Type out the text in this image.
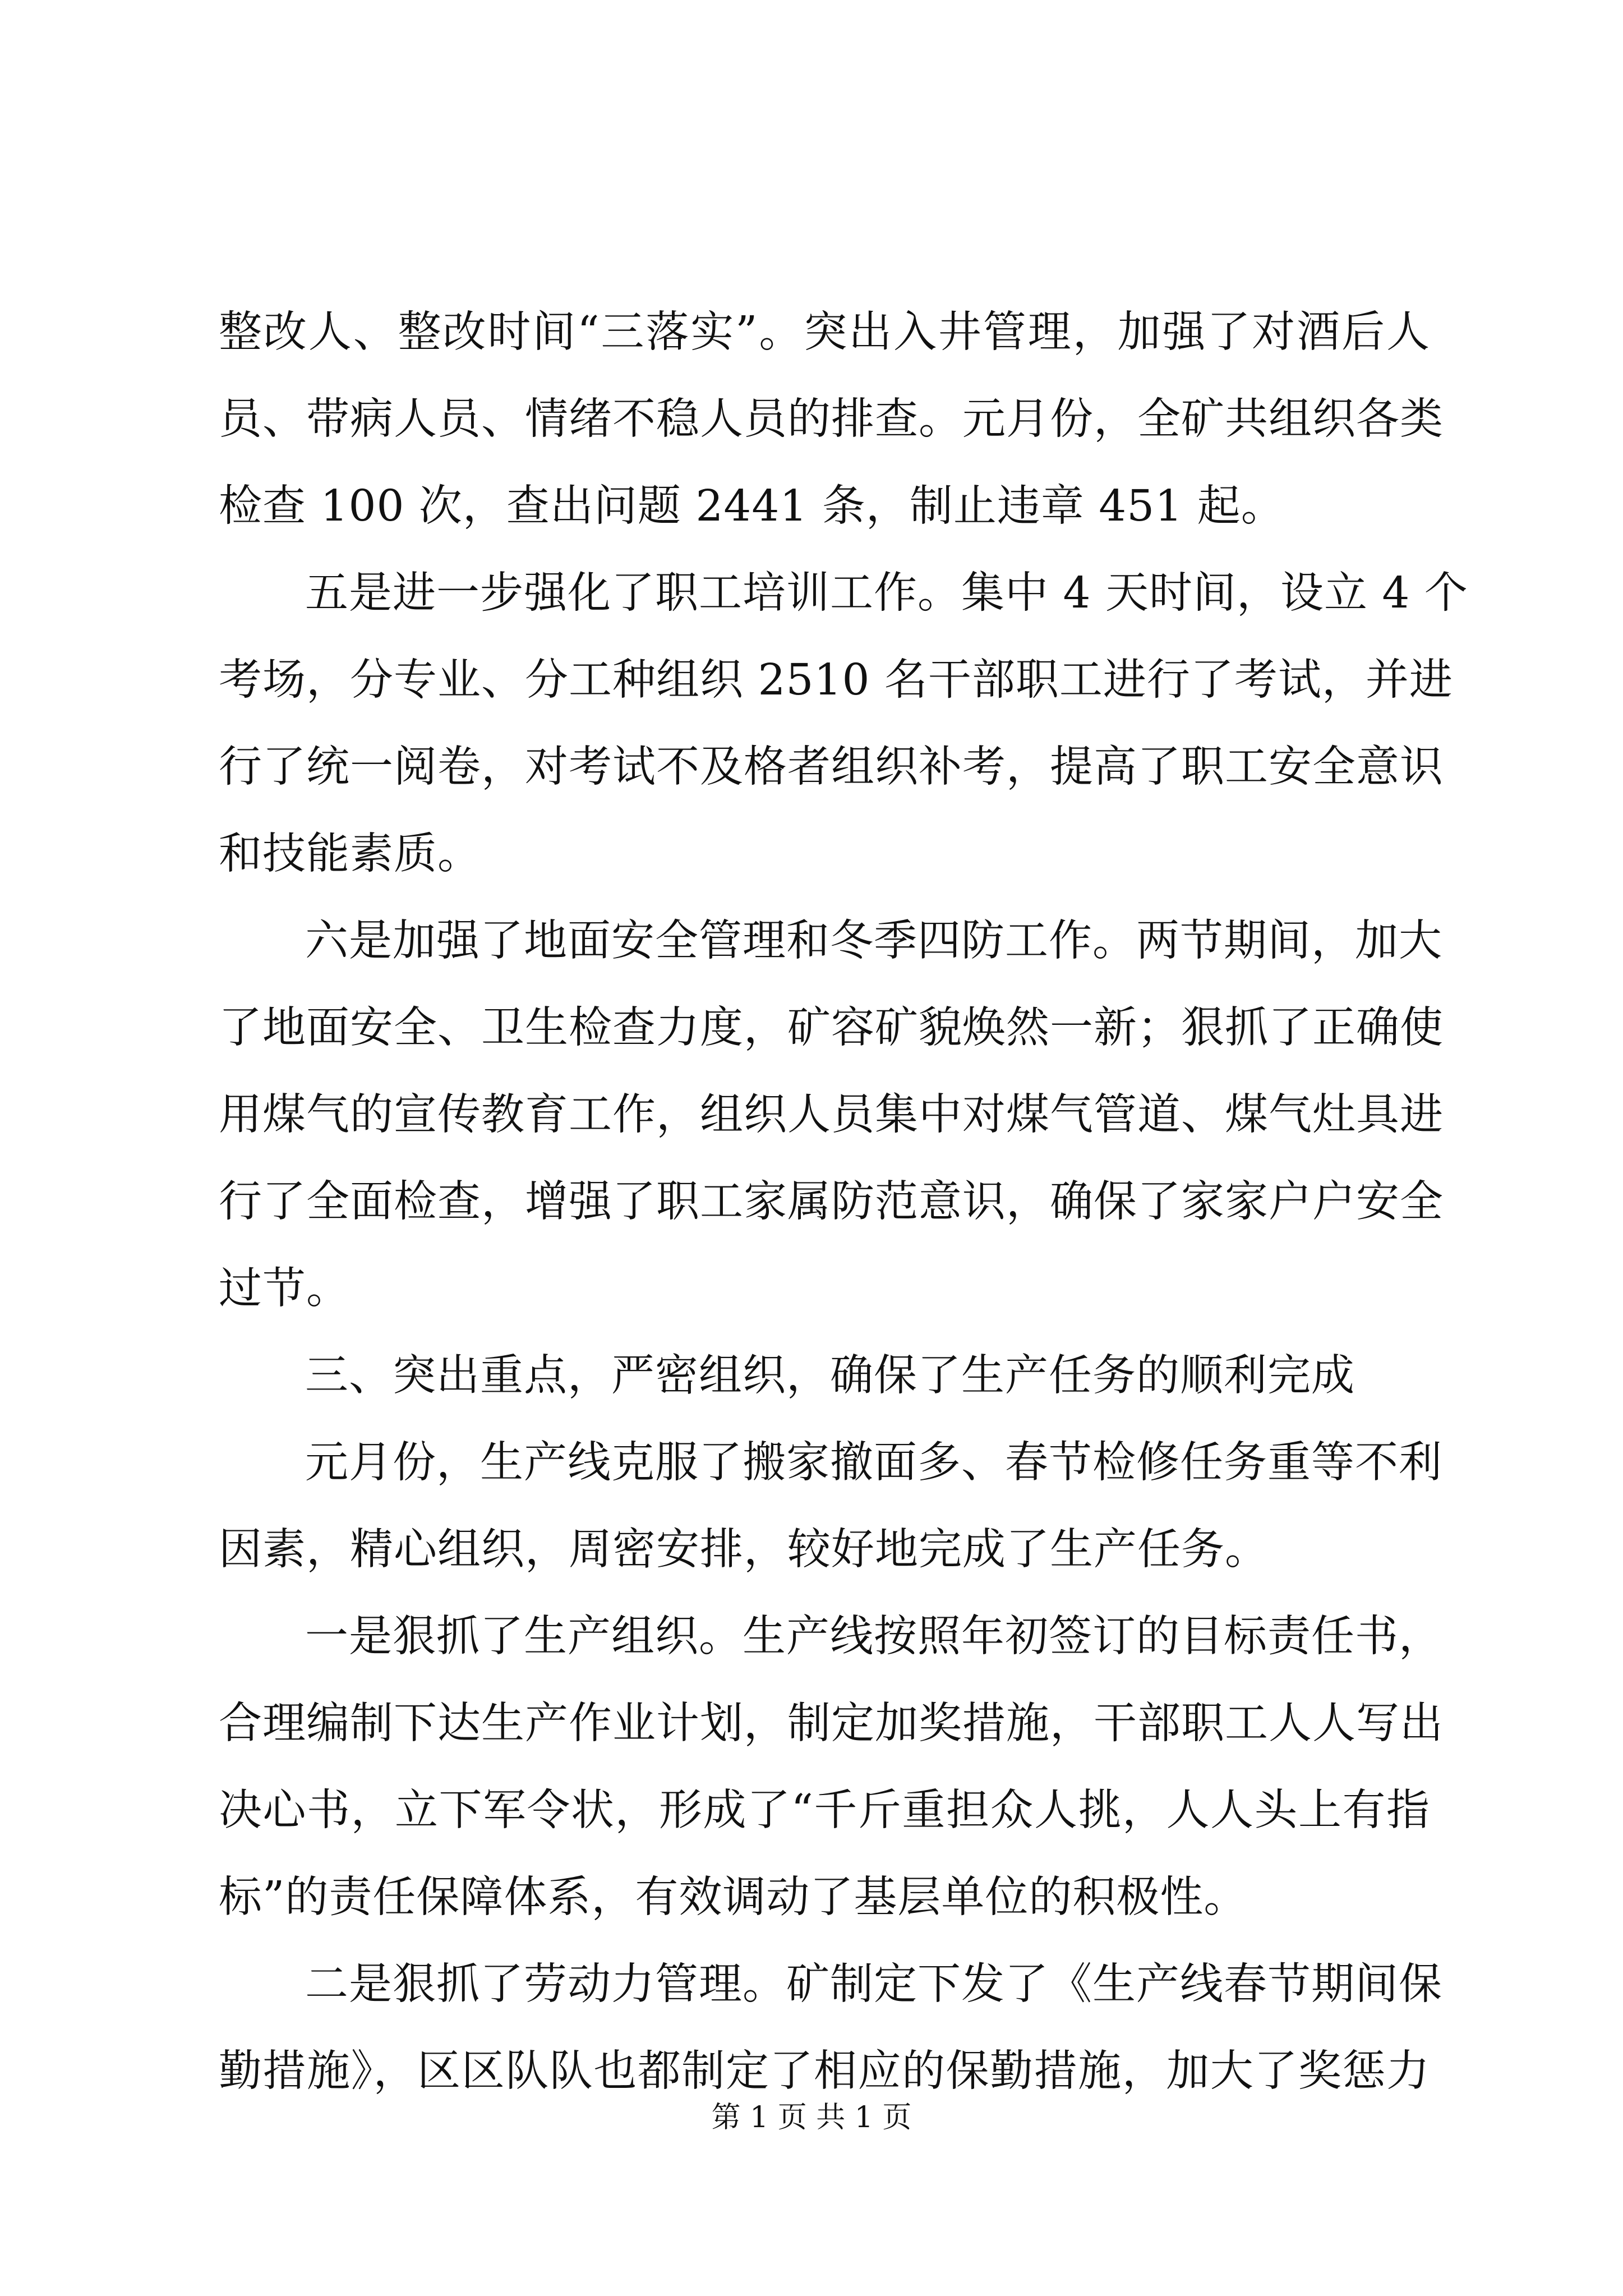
整改人、整改时间“三落实”。突出入井管理，加强了对酒后人
员、带病人员、情绪不稳人员的排查。元月份，全矿共组织各类
检查 100 次，查出问题 2441 条，制止违章 451 起。
五是进一步强化了职工培训工作。集中 4 天时间，设立 4 个
考场，分专业、分工种组织 2510 名干部职工进行了考试，并进
行了统一阅卷，对考试不及格者组织补考，提高了职工安全意识
和技能素质。
六是加强了地面安全管理和冬季四防工作。两节期间，加大
了地面安全、卫生检查力度，矿容矿貌焕然一新；狠抓了正确使
用煤气的宣传教育工作，组织人员集中对煤气管道、煤气灶具进
行了全面检查，增强了职工家属防范意识，确保了家家户户安全
过节。
三、突出重点，严密组织，确保了生产任务的顺利完成
元月份，生产线克服了搬家撤面多、春节检修任务重等不利
因素，精心组织，周密安排，较好地完成了生产任务。
一是狠抓了生产组织。生产线按照年初签订的目标责任书，
合理编制下达生产作业计划，制定加奖措施，干部职工人人写出
决心书，立下军令状，形成了“千斤重担众人挑，人人头上有指
标”的责任保障体系，有效调动了基层单位的积极性。
二是狠抓了劳动力管理。矿制定下发了《生产线春节期间保
勤措施》，区区队队也都制定了相应的保勤措施，加大了奖惩力
第 1 页 共 1 页
